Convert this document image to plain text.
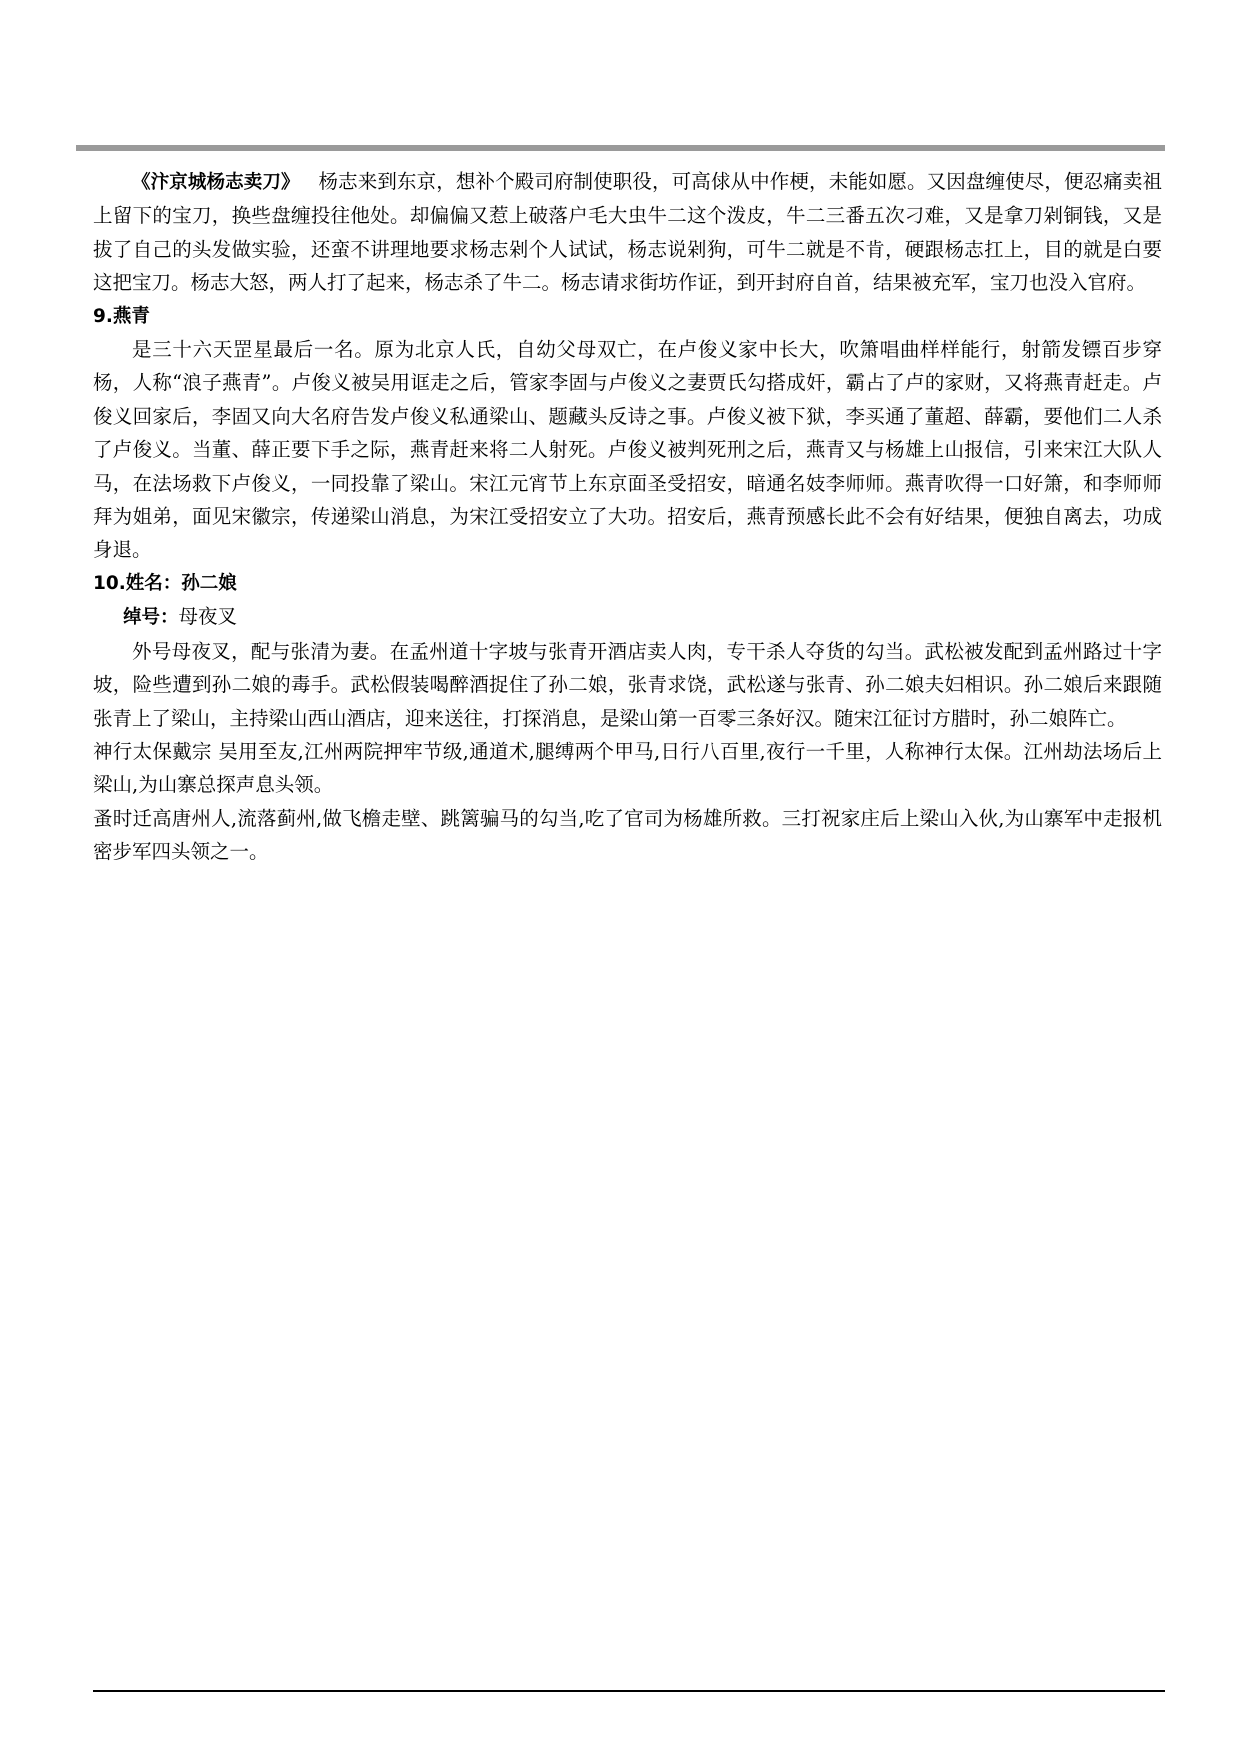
《汴京城杨志卖刀》 杨志来到东京，想补个殿司府制使职役，可高俅从中作梗，未能如愿。又因盘缠使尽，便忍痛卖祖上留下的宝刀，换些盘缠投往他处。却偏偏又惹上破落户毛大虫牛二这个泼皮，牛二三番五次刁难，又是拿刀剁铜钱，又是拔了自己的头发做实验，还蛮不讲理地要求杨志剁个人试试，杨志说剁狗，可牛二就是不肯，硬跟杨志扛上，目的就是白要这把宝刀。杨志大怒，两人打了起来，杨志杀了牛二。杨志请求街坊作证，到开封府自首，结果被充军，宝刀也没入官府。

9.燕青

是三十六天罡星最后一名。原为北京人氏，自幼父母双亡，在卢俊义家中长大，吹箫唱曲样样能行，射箭发镖百步穿杨，人称“浪子燕青”。卢俊义被吴用诓走之后，管家李固与卢俊义之妻贾氏勾搭成奸，霸占了卢的家财，又将燕青赶走。卢俊义回家后，李固又向大名府告发卢俊义私通梁山、题藏头反诗之事。卢俊义被下狱，李买通了董超、薛霸，要他们二人杀了卢俊义。当董、薛正要下手之际，燕青赶来将二人射死。卢俊义被判死刑之后，燕青又与杨雄上山报信，引来宋江大队人马，在法场救下卢俊义，一同投靠了梁山。宋江元宵节上东京面圣受招安，暗通名妓李师师。燕青吹得一口好箫，和李师师拜为姐弟，面见宋徽宗，传递梁山消息，为宋江受招安立了大功。招安后，燕青预感长此不会有好结果，便独自离去，功成身退。

10.姓名：孙二娘

绰号：母夜叉

外号母夜叉，配与张清为妻。在孟州道十字坡与张青开酒店卖人肉，专干杀人夺货的勾当。武松被发配到孟州路过十字坡，险些遭到孙二娘的毒手。武松假装喝醉酒捉住了孙二娘，张青求饶，武松遂与张青、孙二娘夫妇相识。孙二娘后来跟随张青上了梁山，主持梁山西山酒店，迎来送往，打探消息，是梁山第一百零三条好汉。随宋江征讨方腊时，孙二娘阵亡。

神行太保戴宗 吴用至友,江州两院押牢节级,通道术,腿缚两个甲马,日行八百里,夜行一千里，人称神行太保。江州劫法场后上梁山,为山寨总探声息头领。

蚤时迁高唐州人,流落蓟州,做飞檐走壁、跳篱骗马的勾当,吃了官司为杨雄所救。三打祝家庄后上梁山入伙,为山寨军中走报机密步军四头领之一。
